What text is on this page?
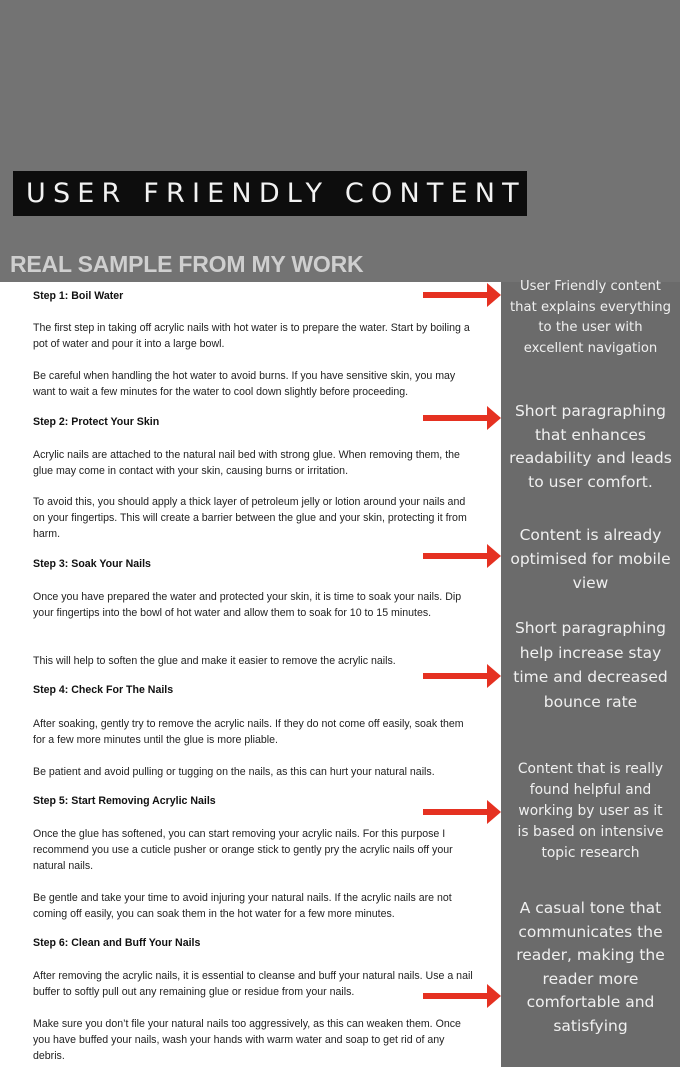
USER FRIENDLY CONTENT
REAL SAMPLE FROM MY WORK
Step 1: Boil Water
The first step in taking off acrylic nails with hot water is to prepare the water. Start by boiling a pot of water and pour it into a large bowl.
Be careful when handling the hot water to avoid burns. If you have sensitive skin, you may want to wait a few minutes for the water to cool down slightly before proceeding.
Step 2: Protect Your Skin
Acrylic nails are attached to the natural nail bed with strong glue. When removing them, the glue may come in contact with your skin, causing burns or irritation.
To avoid this, you should apply a thick layer of petroleum jelly or lotion around your nails and on your fingertips. This will create a barrier between the glue and your skin, protecting it from harm.
Step 3: Soak Your Nails
Once you have prepared the water and protected your skin, it is time to soak your nails. Dip your fingertips into the bowl of hot water and allow them to soak for 10 to 15 minutes.
This will help to soften the glue and make it easier to remove the acrylic nails.
Step 4: Check For The Nails
After soaking, gently try to remove the acrylic nails. If they do not come off easily, soak them for a few more minutes until the glue is more pliable.
Be patient and avoid pulling or tugging on the nails, as this can hurt your natural nails.
Step 5: Start Removing Acrylic Nails
Once the glue has softened, you can start removing your acrylic nails. For this purpose I recommend you use a cuticle pusher or orange stick to gently pry the acrylic nails off your natural nails.
Be gentle and take your time to avoid injuring your natural nails. If the acrylic nails are not coming off easily, you can soak them in the hot water for a few more minutes.
Step 6: Clean and Buff Your Nails
After removing the acrylic nails, it is essential to cleanse and buff your natural nails. Use a nail buffer to softly pull out any remaining glue or residue from your nails.
Make sure you don’t file your natural nails too aggressively, as this can weaken them. Once you have buffed your nails, wash your hands with warm water and soap to get rid of any debris.
User Friendly content that explains everything to the user with excellent navigation
Short paragraphing that enhances readability and leads to user comfort.
Content is already optimised for mobile view
Short paragraphing help increase stay time and decreased bounce rate
Content that is really found helpful and working by user as it is based on intensive topic research
A casual tone that communicates the reader, making the reader more comfortable and satisfying
